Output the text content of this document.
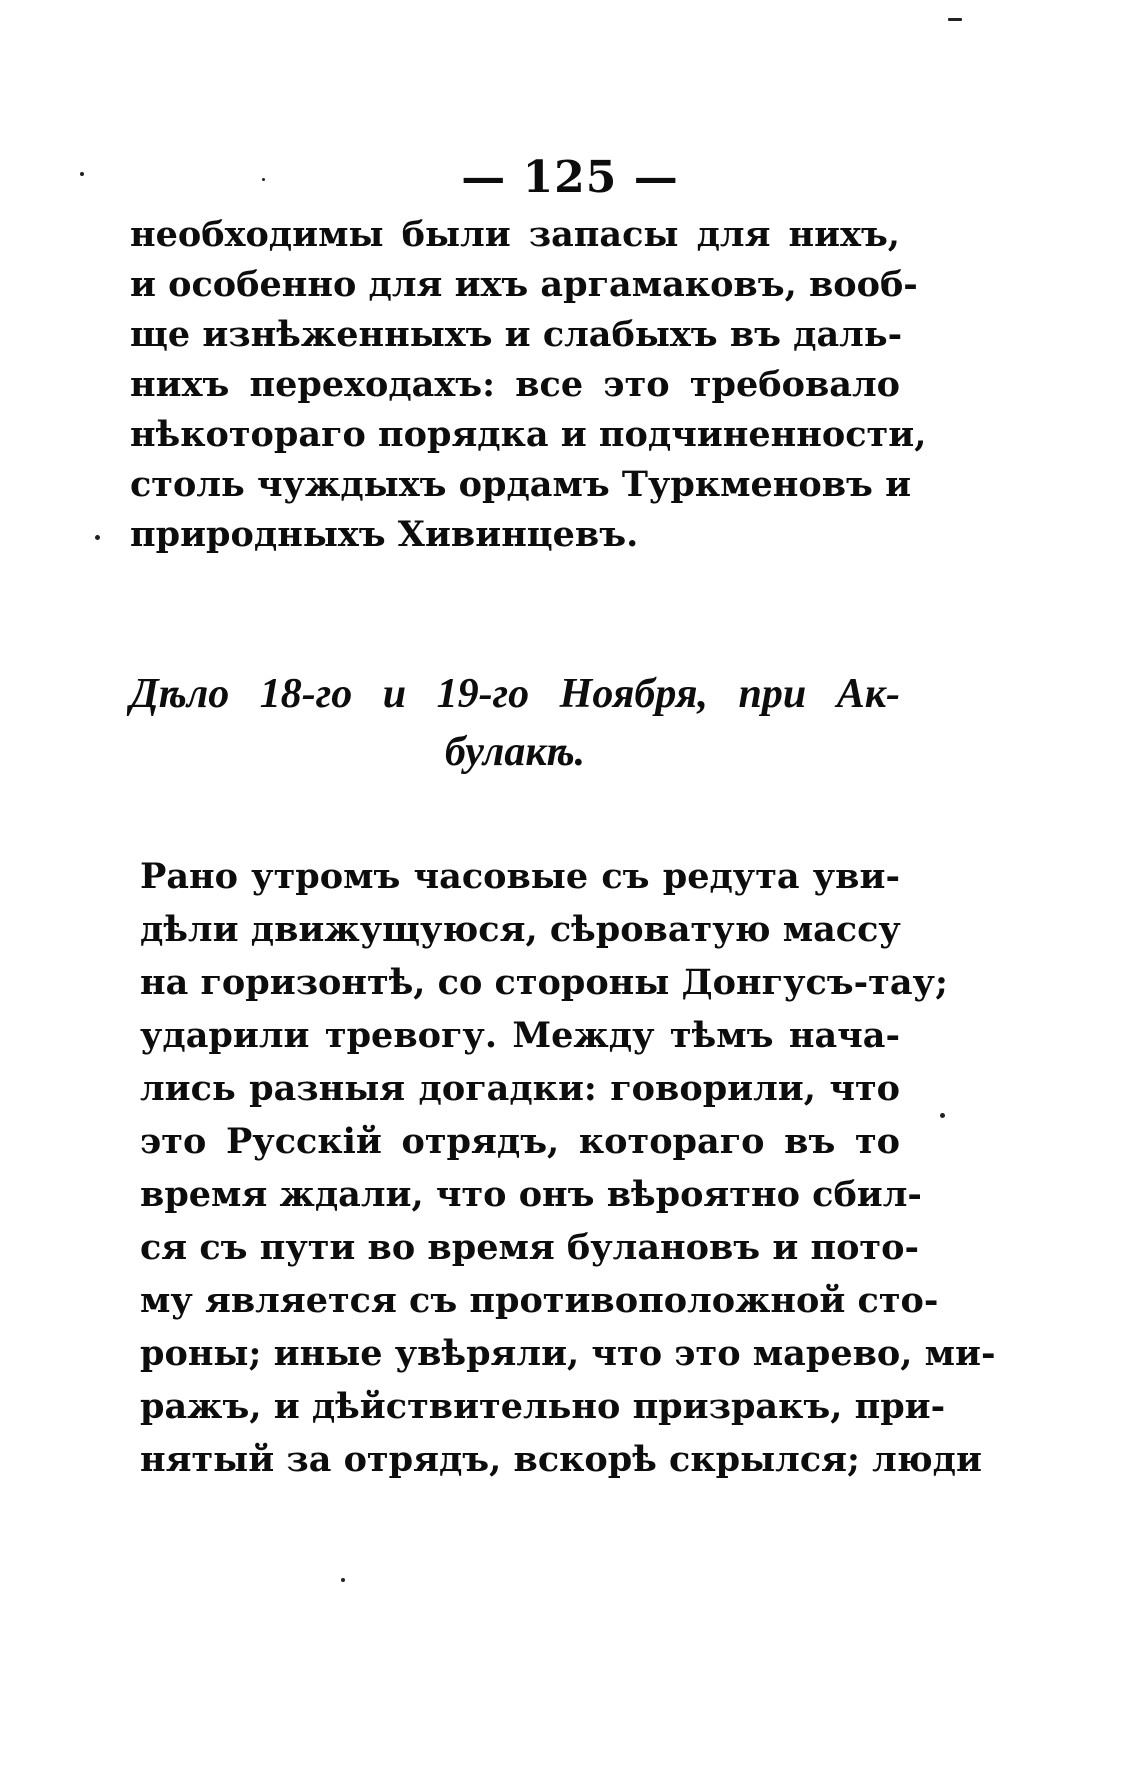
— 125 —
необходимы были запасы для нихъ,
и особенно для ихъ аргамаковъ, вооб-
ще изнѣженныхъ и слабыхъ въ даль-
нихъ переходахъ: все это требовало
нѣкотораго порядка и подчиненности,
столь чуждыхъ ордамъ Туркменовъ и
природныхъ Хивинцевъ.
Дѣло 18-го и 19-го Ноября, при Ак-
булакѣ.
Рано утромъ часовые съ редута уви-
дѣли движущуюся, сѣроватую массу
на горизонтѣ, со стороны Донгусъ-тау;
ударили тревогу. Между тѣмъ нача-
лись разныя догадки: говорили, что
это Русскій отрядъ, котораго въ то
время ждали, что онъ вѣроятно сбил-
ся съ пути во время булановъ и пото-
му является съ противоположной сто-
роны; иные увѣряли, что это марево, ми-
ражъ, и дѣйствительно призракъ, при-
нятый за отрядъ, вскорѣ скрылся; люди
